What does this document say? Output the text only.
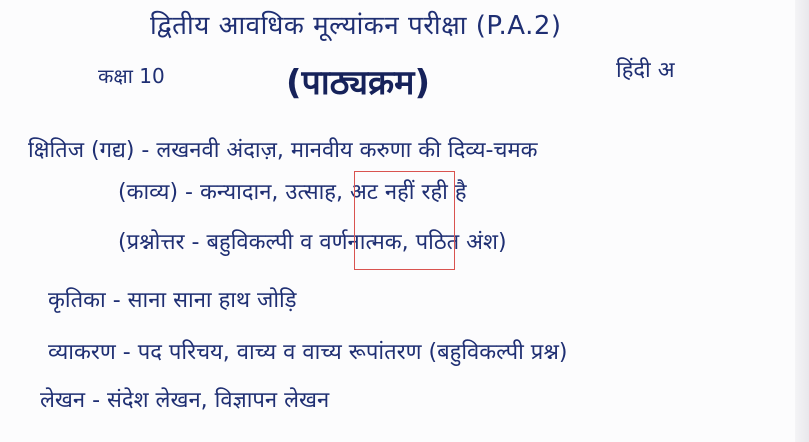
द्वितीय आवधिक मूल्यांकन परीक्षा (P.A.2)
कक्षा 10	(पाठ्यक्रम)	हिंदी अ
क्षितिज (गद्य) - लखनवी अंदाज़, मानवीय करुणा की दिव्य-चमक
(काव्य) - कन्यादान, उत्साह, अट नहीं रही है
(प्रश्नोत्तर - बहुविकल्पी व वर्णनात्मक, पठित अंश)
कृतिका - साना साना हाथ जोड़ि
व्याकरण - पद परिचय, वाच्य व वाच्य रूपांतरण (बहुविकल्पी प्रश्न)
लेखन - संदेश लेखन, विज्ञापन लेखन
